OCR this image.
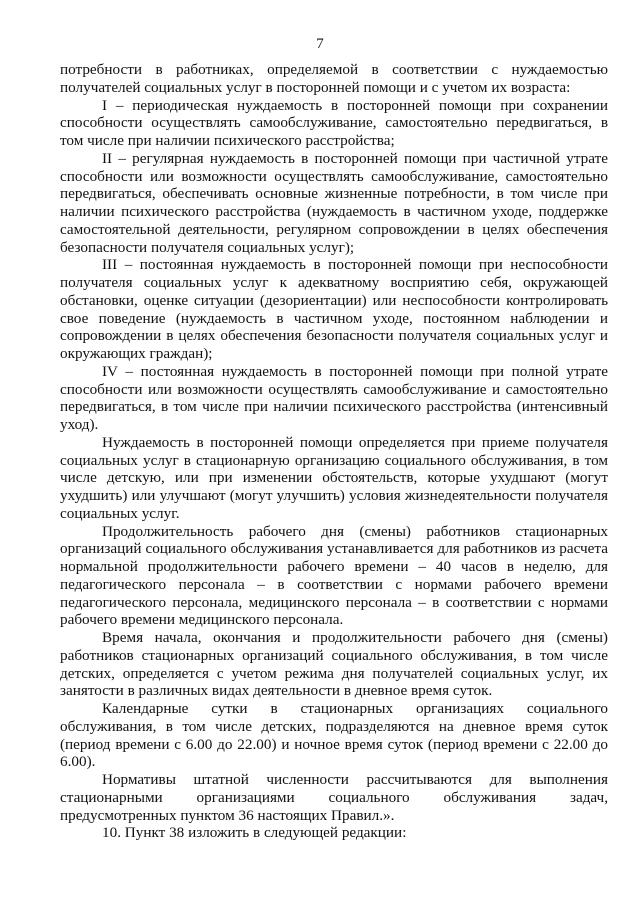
7

потребности в работниках, определяемой в соответствии с нуждаемостью получателей социальных услуг в посторонней помощи и с учетом их возраста:

I – периодическая нуждаемость в посторонней помощи при сохранении способности осуществлять самообслуживание, самостоятельно передвигаться, в том числе при наличии психического расстройства;

II – регулярная нуждаемость в посторонней помощи при частичной утрате способности или возможности осуществлять самообслуживание, самостоятельно передвигаться, обеспечивать основные жизненные потребности, в том числе при наличии психического расстройства (нуждаемость в частичном уходе, поддержке самостоятельной деятельности, регулярном сопровождении в целях обеспечения безопасности получателя социальных услуг);

III – постоянная нуждаемость в посторонней помощи при неспособности получателя социальных услуг к адекватному восприятию себя, окружающей обстановки, оценке ситуации (дезориентации) или неспособности контролировать свое поведение (нуждаемость в частичном уходе, постоянном наблюдении и сопровождении в целях обеспечения безопасности получателя социальных услуг и окружающих граждан);

IV – постоянная нуждаемость в посторонней помощи при полной утрате способности или возможности осуществлять самообслуживание и самостоятельно передвигаться, в том числе при наличии психического расстройства (интенсивный уход).

Нуждаемость в посторонней помощи определяется при приеме получателя социальных услуг в стационарную организацию социального обслуживания, в том числе детскую, или при изменении обстоятельств, которые ухудшают (могут ухудшить) или улучшают (могут улучшить) условия жизнедеятельности получателя социальных услуг.

Продолжительность рабочего дня (смены) работников стационарных организаций социального обслуживания устанавливается для работников из расчета нормальной продолжительности рабочего времени – 40 часов в неделю, для педагогического персонала – в соответствии с нормами рабочего времени педагогического персонала, медицинского персонала – в соответствии с нормами рабочего времени медицинского персонала.

Время начала, окончания и продолжительности рабочего дня (смены) работников стационарных организаций социального обслуживания, в том числе детских, определяется с учетом режима дня получателей социальных услуг, их занятости в различных видах деятельности в дневное время суток.

Календарные сутки в стационарных организациях социального обслуживания, в том числе детских, подразделяются на дневное время суток (период времени с 6.00 до 22.00) и ночное время суток (период времени с 22.00 до 6.00).

Нормативы штатной численности рассчитываются для выполнения стационарными организациями социального обслуживания задач, предусмотренных пунктом 36 настоящих Правил.».

10. Пункт 38 изложить в следующей редакции:
